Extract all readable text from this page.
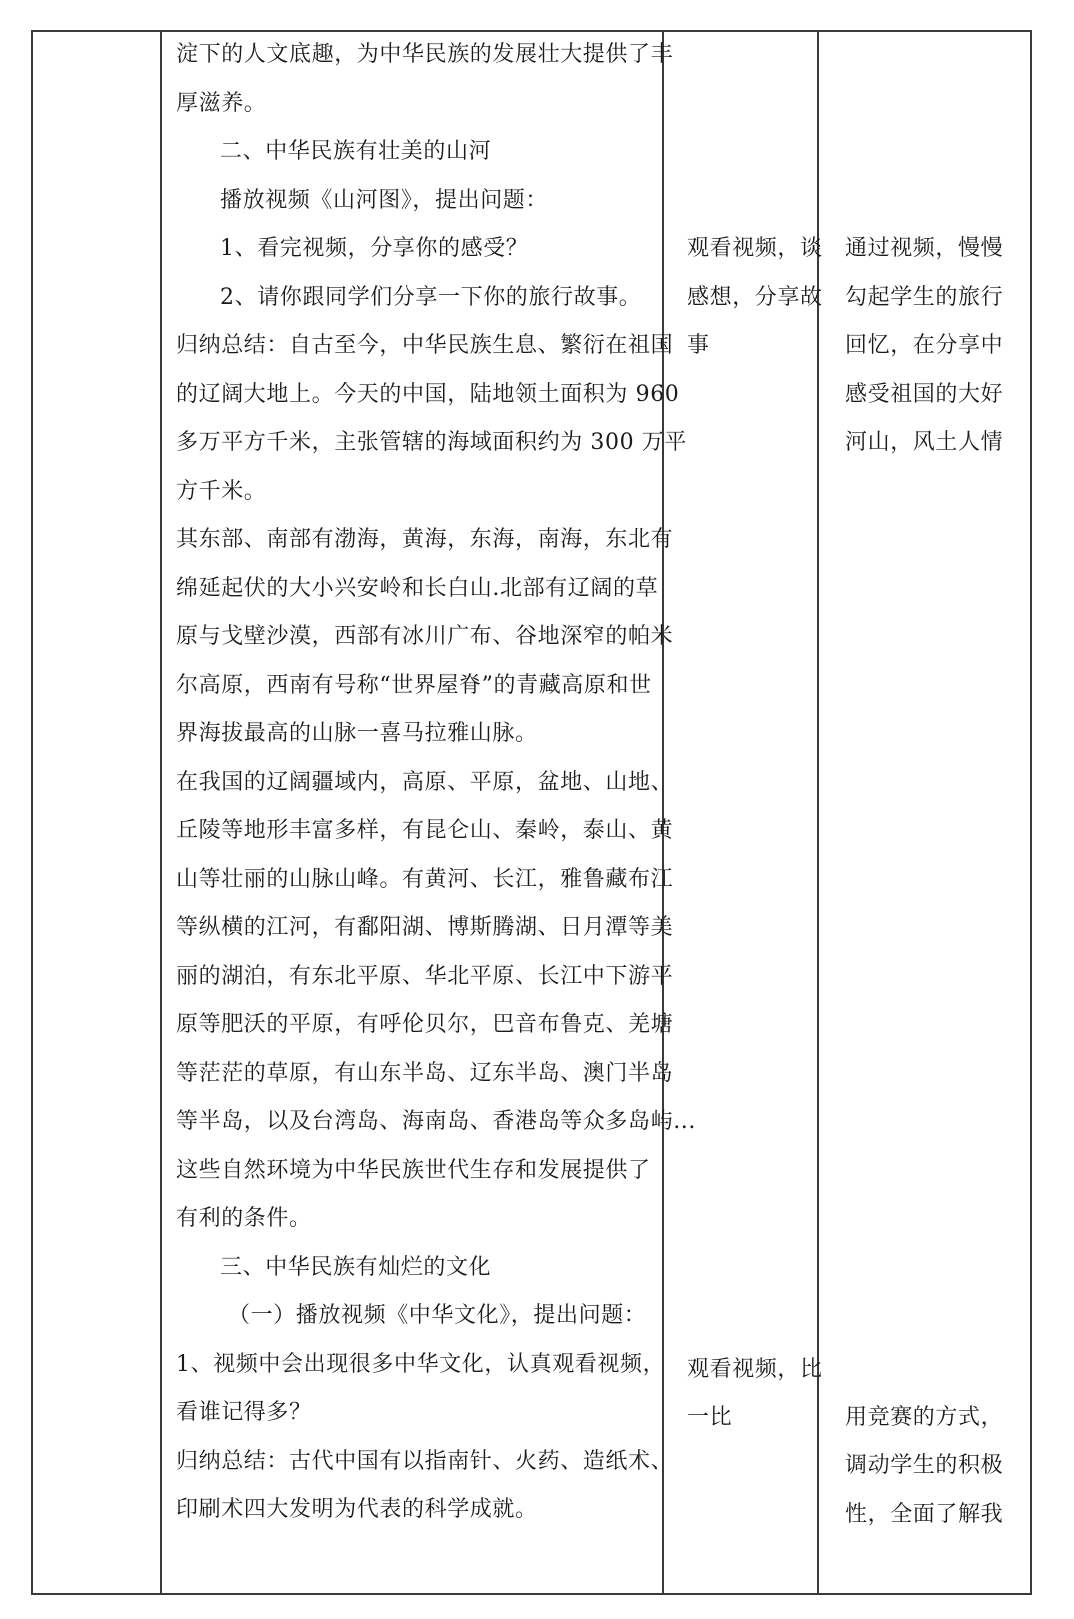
淀下的人文底趣，为中华民族的发展壮大提供了丰
厚滋养。
二、中华民族有壮美的山河
播放视频《山河图》，提出问题：
1、看完视频，分享你的感受？
2、请你跟同学们分享一下你的旅行故事。
归纳总结：自古至今，中华民族生息、繁衍在祖国
的辽阔大地上。今天的中国，陆地领土面积为 960
多万平方千米，主张管辖的海域面积约为 300 万平
方千米。
其东部、南部有渤海，黄海，东海，南海，东北有
绵延起伏的大小兴安岭和长白山.北部有辽阔的草
原与戈壁沙漠，西部有冰川广布、谷地深窄的帕米
尔高原，西南有号称“世界屋脊”的青藏高原和世
界海拔最高的山脉一喜马拉雅山脉。
在我国的辽阔疆域内，高原、平原，盆地、山地、
丘陵等地形丰富多样，有昆仑山、秦岭，泰山、黄
山等壮丽的山脉山峰。有黄河、长江，雅鲁藏布江
等纵横的江河，有鄱阳湖、博斯腾湖、日月潭等美
丽的湖泊，有东北平原、华北平原、长江中下游平
原等肥沃的平原，有呼伦贝尔，巴音布鲁克、羌塘
等茫茫的草原，有山东半岛、辽东半岛、澳门半岛
等半岛，以及台湾岛、海南岛、香港岛等众多岛屿...
这些自然环境为中华民族世代生存和发展提供了
有利的条件。
三、中华民族有灿烂的文化
（一）播放视频《中华文化》，提出问题：
1、视频中会出现很多中华文化，认真观看视频，
看谁记得多？
归纳总结：古代中国有以指南针、火药、造纸术、
印刷术四大发明为代表的科学成就。
观看视频，谈
感想，分享故
事
观看视频，比
一比
通过视频，慢慢
勾起学生的旅行
回忆，在分享中
感受祖国的大好
河山，风土人情
用竞赛的方式，
调动学生的积极
性，全面了解我
